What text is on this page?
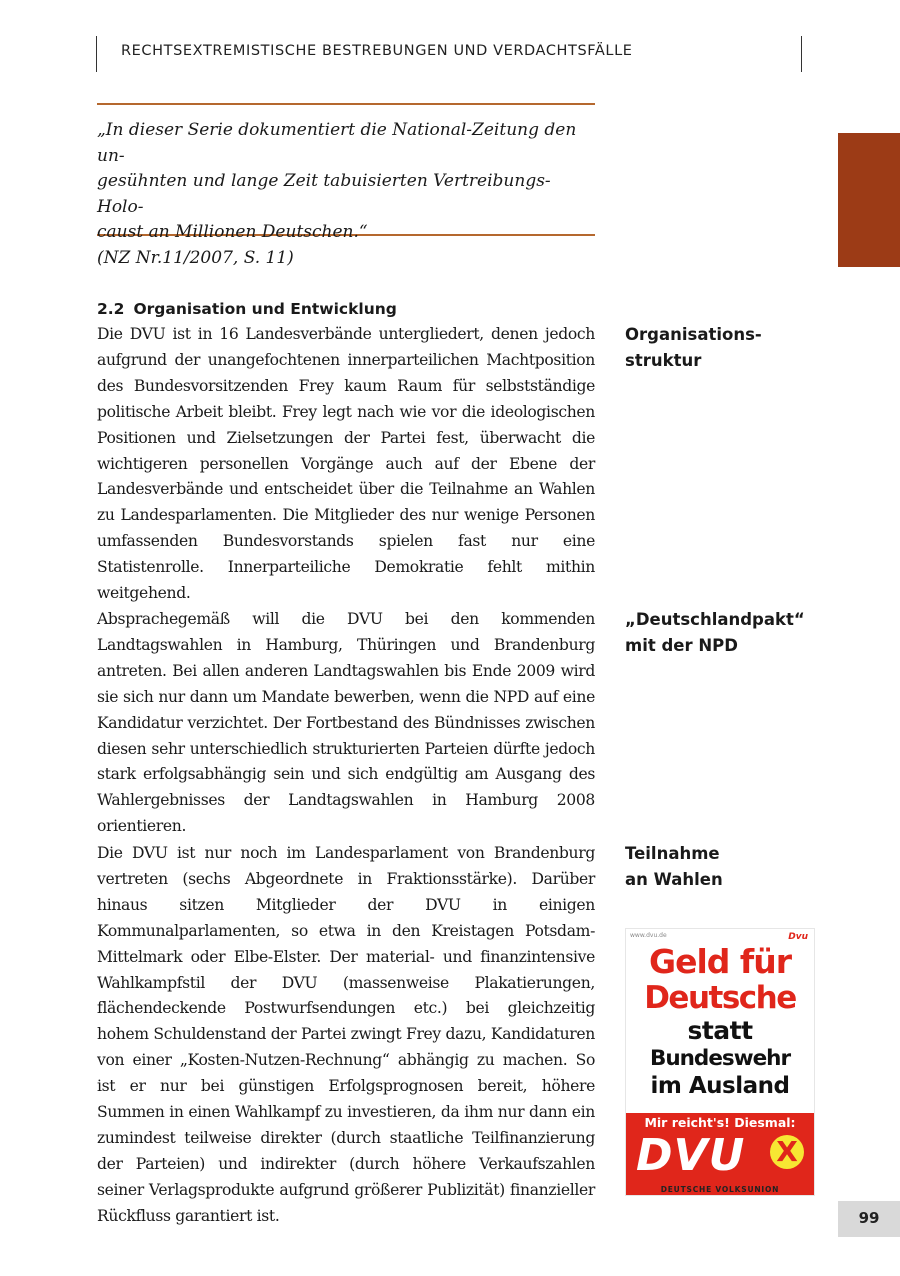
RECHTSEXTREMISTISCHE BESTREBUNGEN UND VERDACHTSFÄLLE

„In dieser Serie dokumentiert die National-Zeitung den un-

gesühnten und lange Zeit tabuisierten Vertreibungs-Holo-

caust an Millionen Deutschen.“

(NZ Nr.11/2007, S. 11)

2.2 Organisation und Entwicklung

Die DVU ist in 16 Landesverbände untergliedert, denen jedoch aufgrund der unangefochtenen innerparteilichen Machtposition des Bundesvorsitzenden Frey kaum Raum für selbstständige politische Arbeit bleibt. Frey legt nach wie vor die ideologischen Positionen und Zielsetzungen der Partei fest, überwacht die wichtigeren personellen Vorgänge auch auf der Ebene der Landesverbände und entscheidet über die Teilnahme an Wahlen zu Landesparlamenten. Die Mitglieder des nur wenige Personen umfassenden Bundesvorstands spielen fast nur eine Statistenrolle. Innerparteiliche Demokratie fehlt mithin weitgehend.

Absprachegemäß will die DVU bei den kommenden Landtagswahlen in Hamburg, Thüringen und Brandenburg antreten. Bei allen anderen Landtagswahlen bis Ende 2009 wird sie sich nur dann um Mandate bewerben, wenn die NPD auf eine Kandidatur verzichtet. Der Fortbestand des Bündnisses zwischen diesen sehr unterschiedlich strukturierten Parteien dürfte jedoch stark erfolgsabhängig sein und sich endgültig am Ausgang des Wahlergebnisses der Landtagswahlen in Hamburg 2008 orientieren.

Die DVU ist nur noch im Landesparlament von Brandenburg vertreten (sechs Abgeordnete in Fraktionsstärke). Darüber hinaus sitzen Mitglieder der DVU in einigen Kommunalparlamenten, so etwa in den Kreistagen Potsdam-Mittelmark oder Elbe-Elster. Der material- und finanzintensive Wahlkampfstil der DVU (massenweise Plakatierungen, flächendeckende Postwurfsendungen etc.) bei gleichzeitig hohem Schuldenstand der Partei zwingt Frey dazu, Kandidaturen von einer „Kosten-Nutzen-Rechnung“ abhängig zu machen. So ist er nur bei günstigen Erfolgsprognosen bereit, höhere Summen in einen Wahlkampf zu investieren, da ihm nur dann ein zumindest teilweise direkter (durch staatliche Teilfinanzierung der Parteien) und indirekter (durch höhere Verkaufszahlen seiner Verlagsprodukte aufgrund größerer Publizität) finanzieller Rückfluss garantiert ist.

Organisations-
struktur
„Deutschlandpakt“
mit der NPD
Teilnahme
an Wahlen
www.dvu.de	Dvu
Geld für
Deutsche
statt
Bundeswehr
im Ausland
Mir reicht's! Diesmal:
DVU X
DEUTSCHE VOLKSUNION
99
